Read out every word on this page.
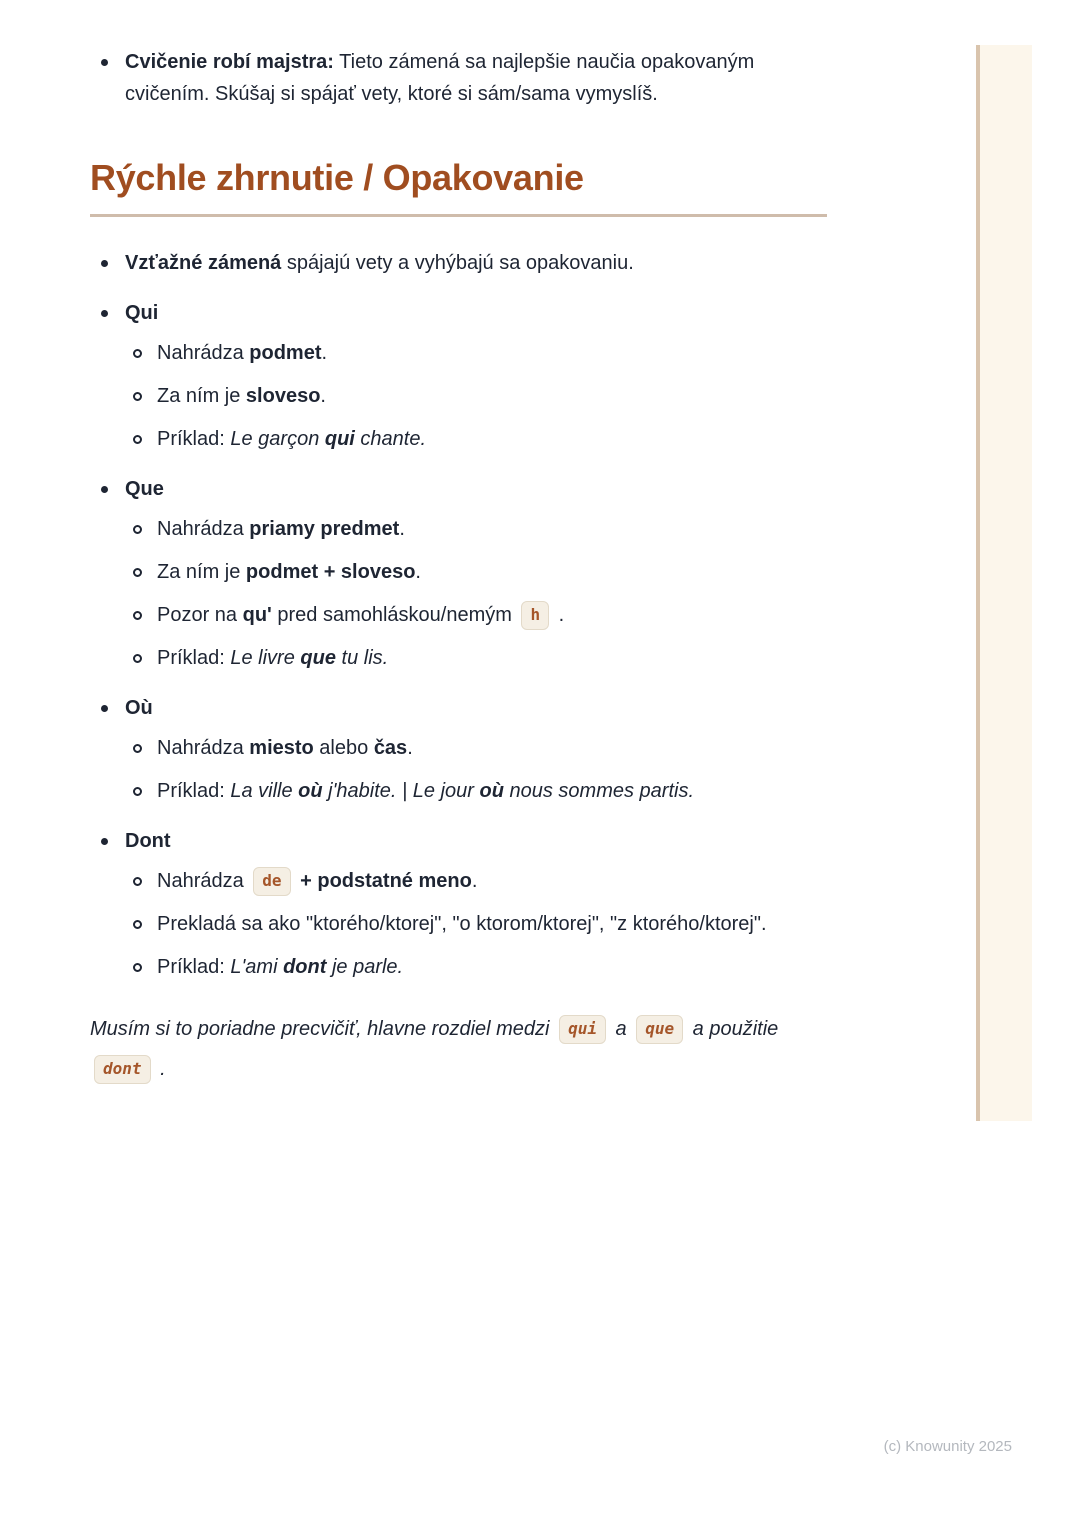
Cvičenie robí majstra: Tieto zámená sa najlepšie naučia opakovaným cvičením. Skúšaj si spájať vety, ktoré si sám/sama vymyslíš.
Rýchle zhrnutie / Opakovanie
Vzťažné zámená spájajú vety a vyhýbajú sa opakovaniu.
Qui
Nahrádza podmet.
Za ním je sloveso.
Príklad: Le garçon qui chante.
Que
Nahrádza priamy predmet.
Za ním je podmet + sloveso.
Pozor na qu' pred samohláskou/nemým h .
Príklad: Le livre que tu lis.
Où
Nahrádza miesto alebo čas.
Príklad: La ville où j'habite. | Le jour où nous sommes partis.
Dont
Nahrádza de + podstatné meno.
Prekladá sa ako "ktorého/ktorej", "o ktorom/ktorej", "z ktorého/ktorej".
Príklad: L'ami dont je parle.

Musím si to poriadne precvičiť, hlavne rozdiel medzi qui a que a použitie dont .

(c) Knowunity 2025
